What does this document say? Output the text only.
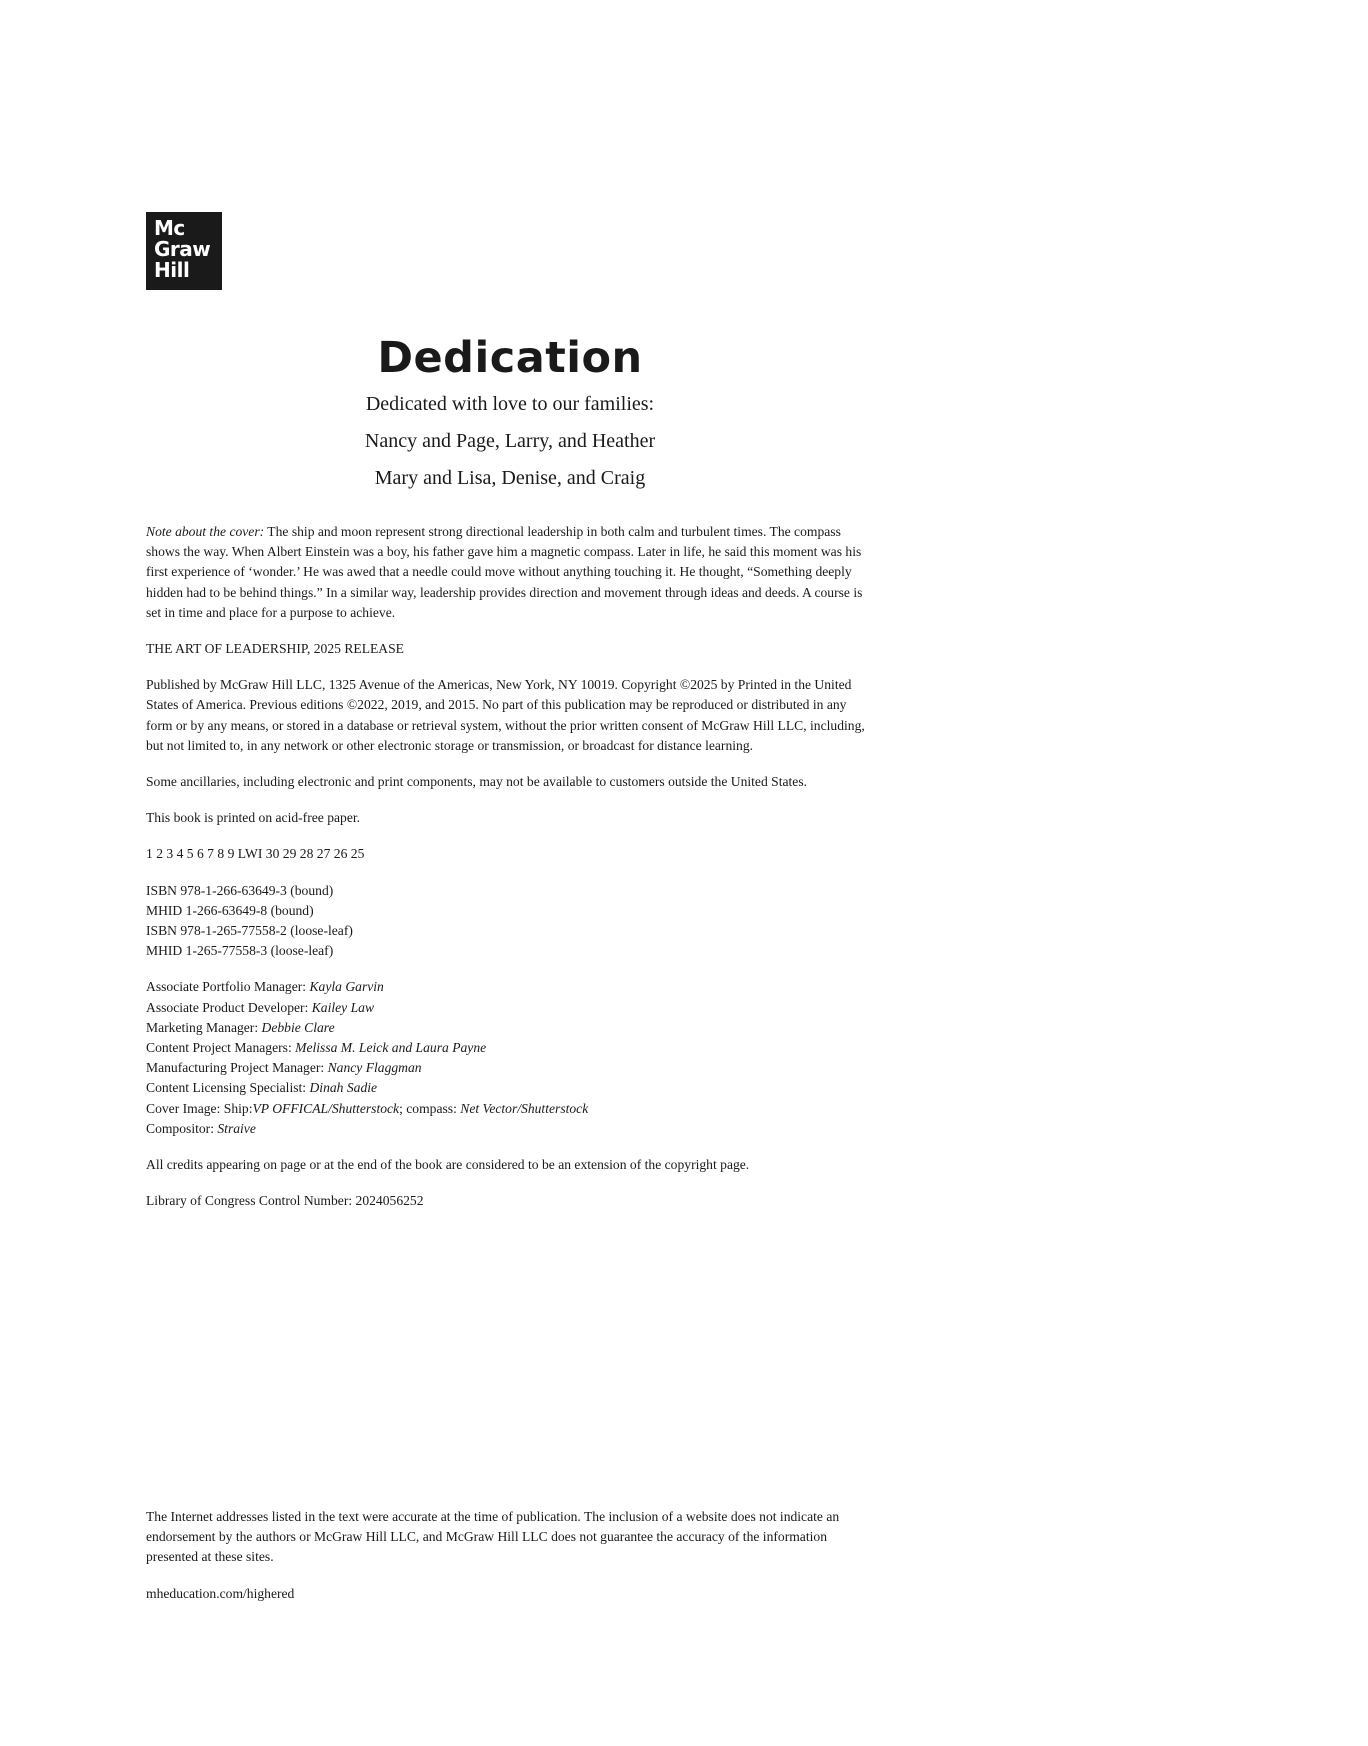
Mc
Graw
Hill
Dedication
Dedicated with love to our families:
Nancy and Page, Larry, and Heather
Mary and Lisa, Denise, and Craig

Note about the cover: The ship and moon represent strong directional leadership in both calm and turbulent times. The compass shows the way. When Albert Einstein was a boy, his father gave him a magnetic compass. Later in life, he said this moment was his first experience of ‘wonder.’ He was awed that a needle could move without anything touching it. He thought, “Something deeply hidden had to be behind things.” In a similar way, leadership provides direction and movement through ideas and deeds. A course is set in time and place for a purpose to achieve.

THE ART OF LEADERSHIP, 2025 RELEASE

Published by McGraw Hill LLC, 1325 Avenue of the Americas, New York, NY 10019. Copyright ©2025 by Printed in the United States of America. Previous editions ©2022, 2019, and 2015. No part of this publication may be reproduced or distributed in any form or by any means, or stored in a database or retrieval system, without the prior written consent of McGraw Hill LLC, including, but not limited to, in any network or other electronic storage or transmission, or broadcast for distance learning.

Some ancillaries, including electronic and print components, may not be available to customers outside the United States.

This book is printed on acid-free paper.

1 2 3 4 5 6 7 8 9 LWI 30 29 28 27 26 25

ISBN 978-1-266-63649-3 (bound)
MHID 1-266-63649-8 (bound)
ISBN 978-1-265-77558-2 (loose-leaf)
MHID 1-265-77558-3 (loose-leaf)
Associate Portfolio Manager: Kayla Garvin
Associate Product Developer: Kailey Law
Marketing Manager: Debbie Clare
Content Project Managers: Melissa M. Leick and Laura Payne
Manufacturing Project Manager: Nancy Flaggman
Content Licensing Specialist: Dinah Sadie
Cover Image: Ship:VP OFFICAL/Shutterstock; compass: Net Vector/Shutterstock
Compositor: Straive

All credits appearing on page or at the end of the book are considered to be an extension of the copyright page.

Library of Congress Control Number: 2024056252

The Internet addresses listed in the text were accurate at the time of publication. The inclusion of a website does not indicate an endorsement by the authors or McGraw Hill LLC, and McGraw Hill LLC does not guarantee the accuracy of the information presented at these sites.

mheducation.com/highered
